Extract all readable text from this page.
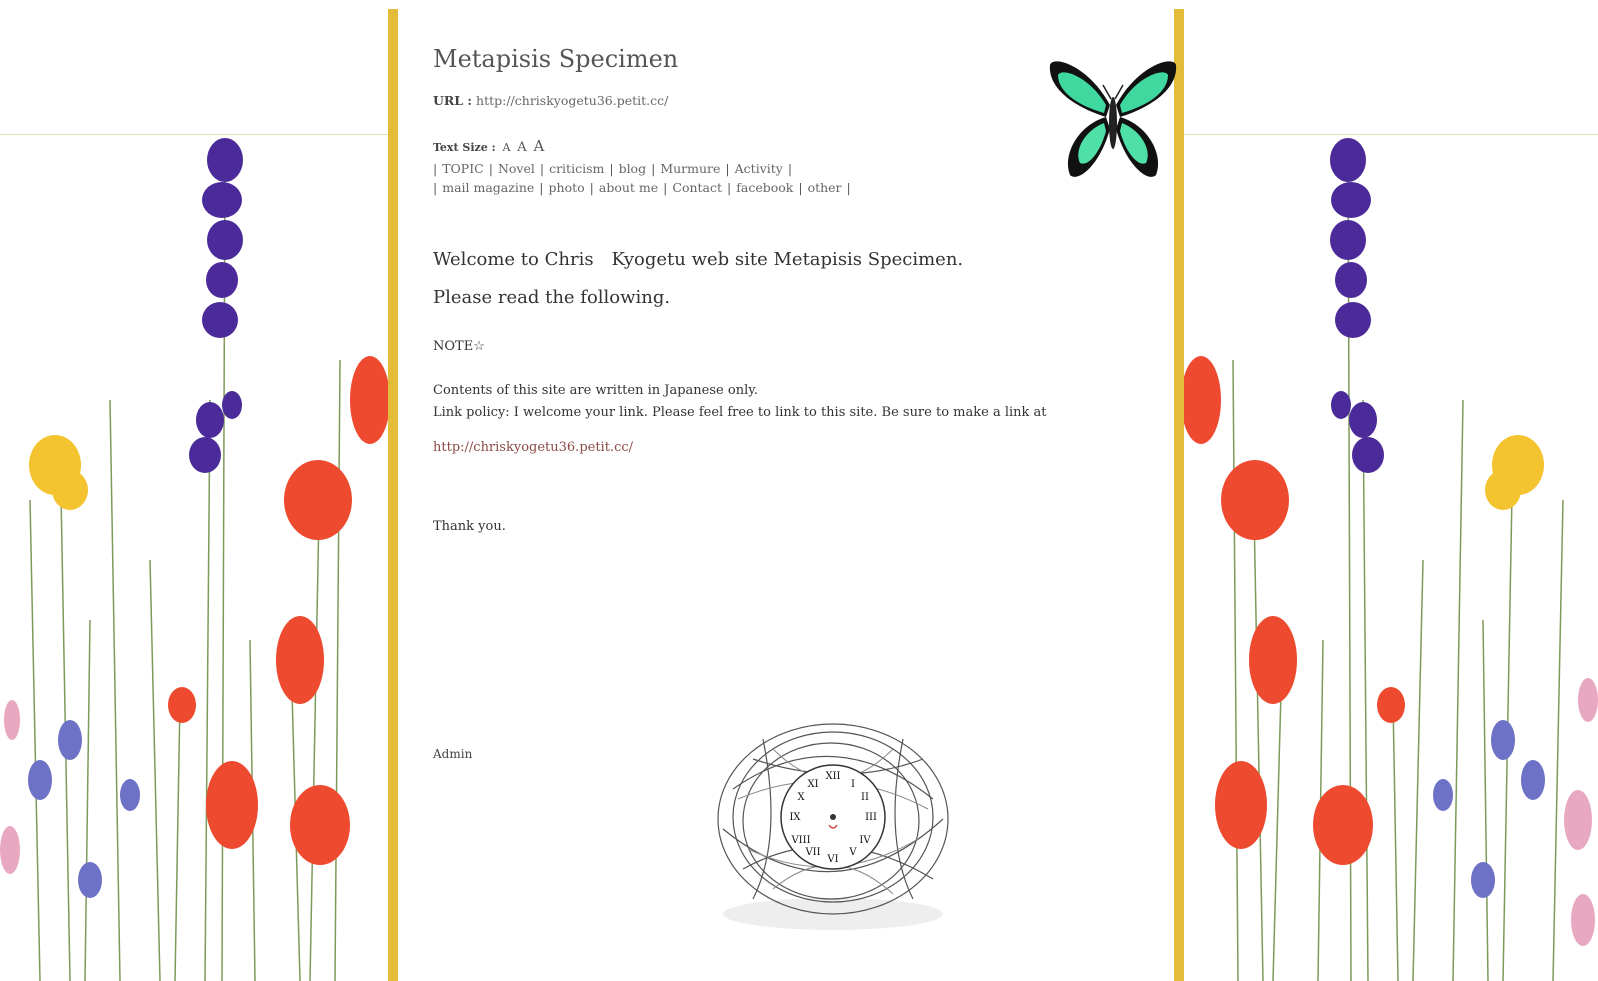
Metapisis Specimen
URL : http://chriskyogetu36.petit.cc/
Text Size : A A A
| TOPIC | Novel | criticism | blog | Murmure | Activity |
| mail magazine | photo | about me | Contact | facebook | other |
Welcome to Chris　Kyogetu web site Metapisis Specimen.
Please read the following.
NOTE☆
Contents of this site are written in Japanese only.
Link policy: I welcome your link. Please feel free to link to this site. Be sure to make a link at
http://chriskyogetu36.petit.cc/
Thank you.
Admin
XII
III
VI
IX
I
II
IV
V
VII
VIII
X
XI
